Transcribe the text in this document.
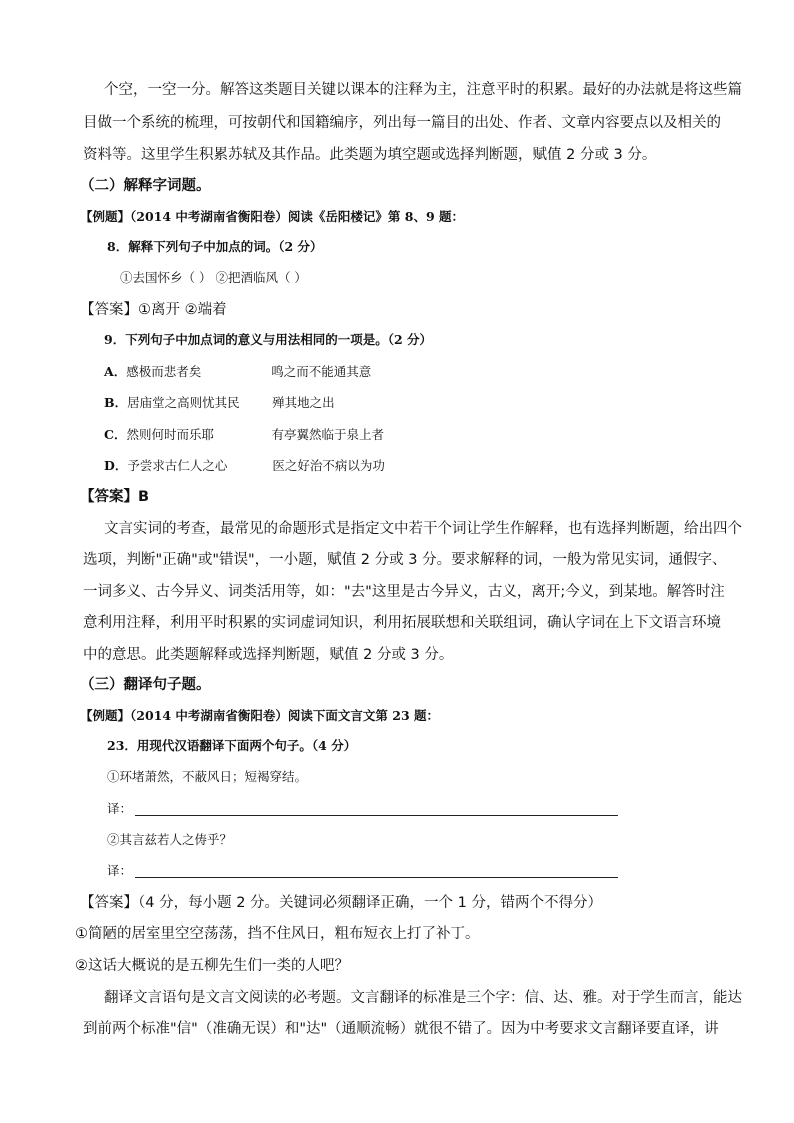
个空，一空一分。解答这类题目关键以课本的注释为主，注意平时的积累。最好的办法就是将这些篇
目做一个系统的梳理，可按朝代和国籍编序，列出每一篇目的出处、作者、文章内容要点以及相关的
资料等。这里学生积累苏轼及其作品。此类题为填空题或选择判断题，赋值 2 分或 3 分。
（二）解释字词题。
【例题】（2014 中考湖南省衡阳卷）阅读《岳阳楼记》第 8、9 题：
8．解释下列句子中加点的词。（2 分）
①去国怀乡（ ） ②把酒临风（ ）
【答案】①离开 ②端着
9．下列句子中加点词的意义与用法相同的一项是。（2 分）
A．感极而悲者矣	鸣之而不能通其意
B．居庙堂之高则忧其民	殚其地之出
C．然则何时而乐耶	有亭翼然临于泉上者
D．予尝求古仁人之心	医之好治不病以为功
【答案】B
文言实词的考查，最常见的命题形式是指定文中若干个词让学生作解释，也有选择判断题，给出四个
选项，判断"正确"或"错误"，一小题，赋值 2 分或 3 分。要求解释的词，一般为常见实词，通假字、
一词多义、古今异义、词类活用等，如："去"这里是古今异义，古义，离开;今义，到某地。解答时注
意利用注释，利用平时积累的实词虚词知识，利用拓展联想和关联组词，确认字词在上下文语言环境
中的意思。此类题解释或选择判断题，赋值 2 分或 3 分。
（三）翻译句子题。
【例题】（2014 中考湖南省衡阳卷）阅读下面文言文第 23 题：
23．用现代汉语翻译下面两个句子。（4 分）
①环堵萧然，不蔽风日；短褐穿结。
译：
②其言兹若人之俦乎？
译：
【答案】（4 分，每小题 2 分。关键词必须翻译正确，一个 1 分，错两个不得分）
①简陋的居室里空空荡荡，挡不住风日，粗布短衣上打了补丁。
②这话大概说的是五柳先生们一类的人吧？
翻译文言语句是文言文阅读的必考题。文言翻译的标准是三个字：信、达、雅。对于学生而言，能达
到前两个标准"信"（准确无误）和"达"（通顺流畅）就很不错了。因为中考要求文言翻译要直译，讲
